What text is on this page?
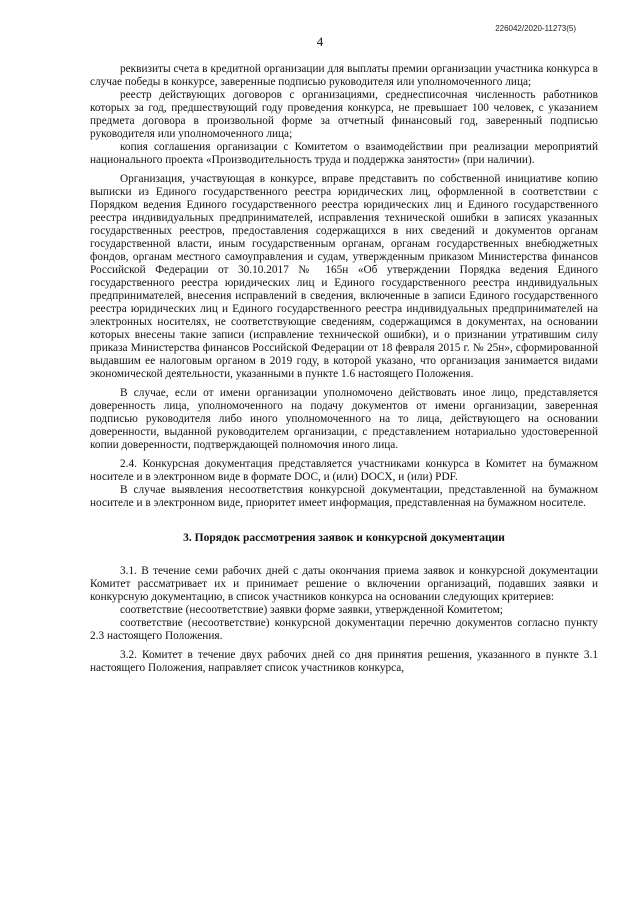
226042/2020-11273(5)
4

реквизиты счета в кредитной организации для выплаты премии организации участника конкурса в случае победы в конкурсе, заверенные подписью руководителя или уполномоченного лица;

реестр действующих договоров с организациями, среднесписочная численность работников которых за год, предшествующий году проведения конкурса, не превышает 100 человек, с указанием предмета договора в произвольной форме за отчетный финансовый год, заверенный подписью руководителя или уполномоченного лица;

копия соглашения организации с Комитетом о взаимодействии при реализации мероприятий национального проекта «Производительность труда и поддержка занятости» (при наличии).

Организация, участвующая в конкурсе, вправе представить по собственной инициативе копию выписки из Единого государственного реестра юридических лиц, оформленной в соответствии с Порядком ведения Единого государственного реестра юридических лиц и Единого государственного реестра индивидуальных предпринимателей, исправления технической ошибки в записях указанных государственных реестров, предоставления содержащихся в них сведений и документов органам государственной власти, иным государственным органам, органам государственных внебюджетных фондов, органам местного самоуправления и судам, утвержденным приказом Министерства финансов Российской Федерации от 30.10.2017 № 165н «Об утверждении Порядка ведения Единого государственного реестра юридических лиц и Единого государственного реестра индивидуальных предпринимателей, внесения исправлений в сведения, включенные в записи Единого государственного реестра юридических лиц и Единого государственного реестра индивидуальных предпринимателей на электронных носителях, не соответствующие сведениям, содержащимся в документах, на основании которых внесены такие записи (исправление технической ошибки), и о признании утратившим силу приказа Министерства финансов Российской Федерации от 18 февраля 2015 г. № 25н», сформированной выдавшим ее налоговым органом в 2019 году, в которой указано, что организация занимается видами экономической деятельности, указанными в пункте 1.6 настоящего Положения.

В случае, если от имени организации уполномочено действовать иное лицо, представляется доверенность лица, уполномоченного на подачу документов от имени организации, заверенная подписью руководителя либо иного уполномоченного на то лица, действующего на основании доверенности, выданной руководителем организации, с представлением нотариально удостоверенной копии доверенности, подтверждающей полномочия иного лица.

2.4. Конкурсная документация представляется участниками конкурса в Комитет на бумажном носителе и в электронном виде в формате DOC, и (или) DOCX, и (или) PDF.

В случае выявления несоответствия конкурсной документации, представленной на бумажном носителе и в электронном виде, приоритет имеет информация, представленная на бумажном носителе.

3. Порядок рассмотрения заявок и конкурсной документации

3.1. В течение семи рабочих дней с даты окончания приема заявок и конкурсной документации Комитет рассматривает их и принимает решение о включении организаций, подавших заявки и конкурсную документацию, в список участников конкурса на основании следующих критериев:

соответствие (несоответствие) заявки форме заявки, утвержденной Комитетом;

соответствие (несоответствие) конкурсной документации перечню документов согласно пункту 2.3 настоящего Положения.

3.2. Комитет в течение двух рабочих дней со дня принятия решения, указанного в пункте 3.1 настоящего Положения, направляет список участников конкурса,
